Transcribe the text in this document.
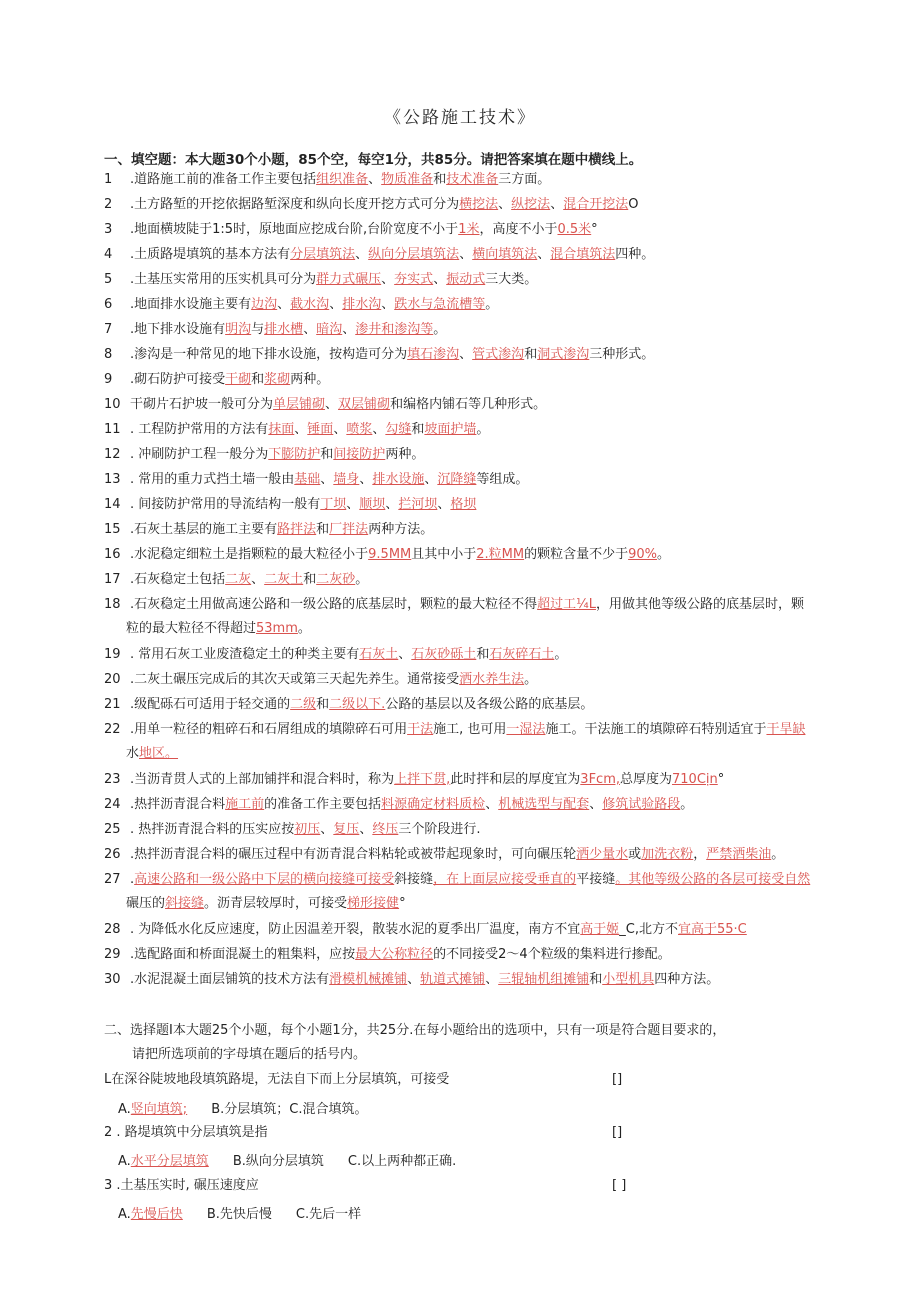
《公路施工技术》
一、填空题：本大题30个小题，85个空，每空1分，共85分。请把答案填在题中横线上。
1 .道路施工前的准备工作主要包括组织准备、物质准备和技术准备三方面。
2 .土方路堑的开挖依据路堑深度和纵向长度开挖方式可分为横挖法、纵挖法、混合开挖法O
3 .地面横坡陡于1:5时，原地面应挖成台阶,台阶宽度不小于1米，高度不小于0.5米°
4 .土质路堤填筑的基本方法有分层填筑法、纵向分层填筑法、横向填筑法、混合填筑法四种。
5 .土基压实常用的压实机具可分为群力式碾压、夯实式、振动式三大类。
6 .地面排水设施主要有边沟、截水沟、排水沟、跌水与急流槽等。
7 .地下排水设施有明沟与排水槽、暗沟、渗井和渗沟等。
8 .渗沟是一种常见的地下排水设施，按构造可分为填石渗沟、管式渗沟和洞式渗沟三种形式。
9 .砌石防护可接受干砌和浆砌两种。
10 干砌片石护坡一般可分为单层铺砌、双层铺砌和编格内铺石等几种形式。
11 . 工程防护常用的方法有抹面、锤面、喷浆、勾缝和坡面护墙。
12 . 冲刷防护工程一般分为下膨防护和间接防护两种。
13 . 常用的重力式挡土墙一般由基础、墙身、排水设施、沉降缝等组成。
14 . 间接防护常用的导流结构一般有丁坝、顺坝、拦河坝、格坝
15 .石灰土基层的施工主要有路拌法和厂拌法两种方法。
16 .水泥稳定细粒土是指颗粒的最大粒径小于9.5MM且其中小于2.粒MM的颗粒含量不少于90%。
17 .石灰稳定土包括二灰、二灰土和二灰砂。
18 .石灰稳定土用做高速公路和一级公路的底基层时，颗粒的最大粒径不得超过工¼L，用做其他等级公路的底基层时，颗
粒的最大粒径不得超过53mm。
19 . 常用石灰工业废渣稳定土的种类主要有石灰土、石灰砂砾土和石灰碎石土。
20 .二灰土碾压完成后的其次天或第三天起先养生。通常接受洒水养生法。
21 .级配砾石可适用于轻交通的二级和二级以下.公路的基层以及各级公路的底基层。
22 .用单一粒径的粗碎石和石屑组成的填隙碎石可用干法施工, 也可用一湿法施工。干法施工的填隙碎石特别适宜于干旱缺
水地区。
23 .当沥青贯人式的上部加铺拌和混合料时，称为上拌下贯,此时拌和层的厚度宜为3Fcm,总厚度为710Cịn°
24 .热拌沥青混合料施工前的准备工作主要包括料源确定材料质检、机械选型与配套、修筑试验路段。
25 . 热拌沥青混合料的压实应按初压、复压、终压三个阶段进行.
26 .热拌沥青混合料的碾压过程中有沥青混合料粘轮或被带起现象时，可向碾压轮洒少量水或加洗衣粉，严禁洒柴油。
27 .高速公路和一级公路中下层的横向接缝可接受斜接缝，在上面层应接受垂直的平接缝。其他等级公路的各层可接受自然
碾压的斜接缝。沥青层较厚时，可接受梯形接健°
28 . 为降低水化反应速度，防止因温差开裂，散装水泥的夏季出厂温度，南方不宜高于姬_C,北方不宜高于55·C
29 .选配路面和桥面混凝土的粗集料，应按最大公称粒径的不同接受2〜4个粒级的集料进行掺配。
30 .水泥混凝土面层铺筑的技术方法有滑模机械摊铺、轨道式摊铺、三辊轴机组摊铺和小型机具四种方法。
二、选择题I本大题25个小题，每个小题1分，共25分.在每小题给出的选项中，只有一项是符合题目要求的，
请把所选项前的字母填在题后的括号内。
L在深谷陡坡地段填筑路堤，无法自下而上分层填筑，可接受	[]
A.竖向填筑; B.分层填筑；C.混合填筑。
2 . 路堤填筑中分层填筑是指	[]
A.水平分层填筑 B.纵向分层填筑 C.以上两种都正确.
3 .土基压实时, 碾压速度应	[ ]
A.先慢后快 B.先快后慢 C.先后一样
